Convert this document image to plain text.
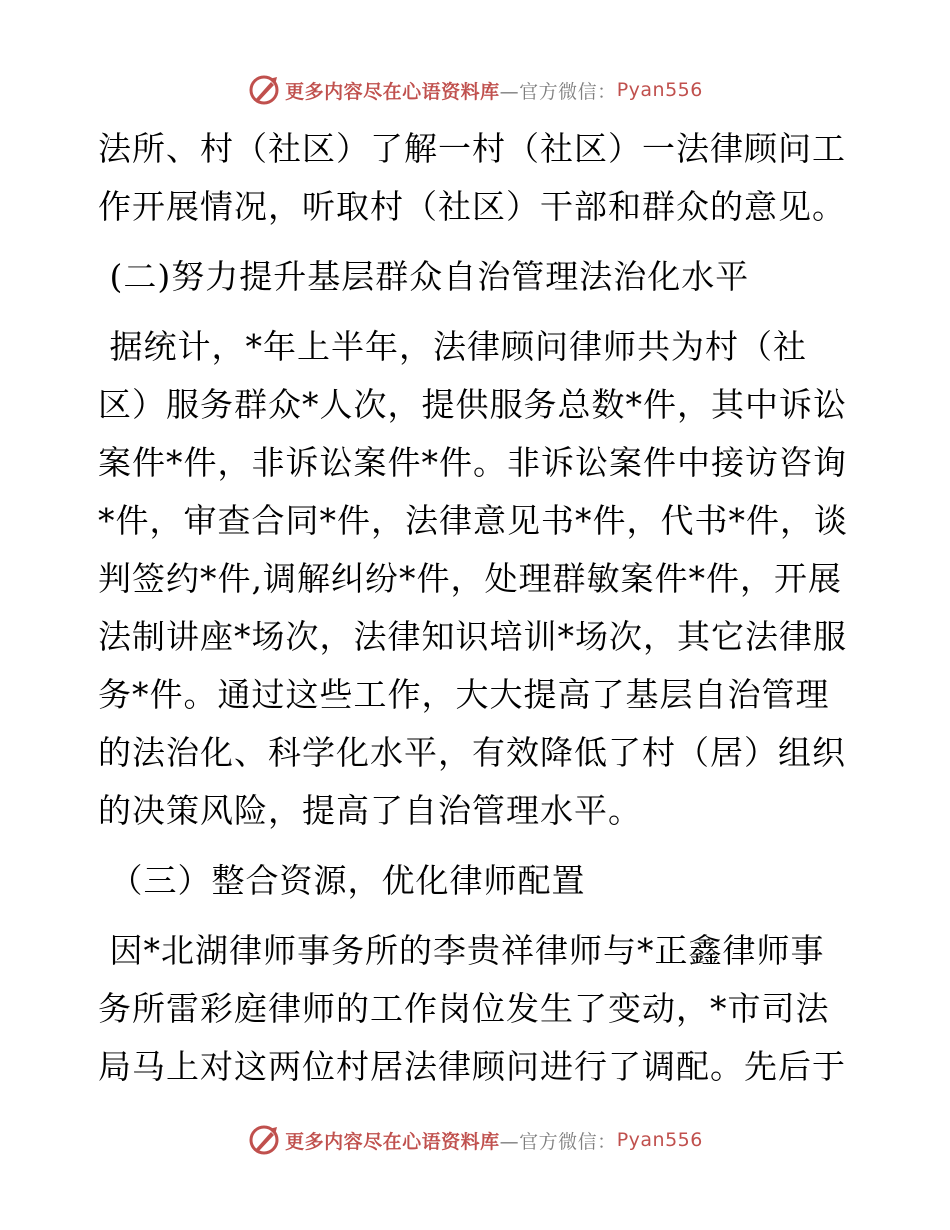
更多内容尽在心语资料库 —官方微信： Pyan556

法所、村（社区）了解一村（社区）一法律顾问工作开展情况，听取村（社区）干部和群众的意见。

(二)努力提升基层群众自治管理法治化水平

据统计，*年上半年，法律顾问律师共为村（社区）服务群众*人次，提供服务总数*件，其中诉讼案件*件，非诉讼案件*件。非诉讼案件中接访咨询*件，审查合同*件，法律意见书*件，代书*件，谈判签约*件,调解纠纷*件，处理群敏案件*件，开展法制讲座*场次，法律知识培训*场次，其它法律服务*件。通过这些工作，大大提高了基层自治管理的法治化、科学化水平，有效降低了村（居）组织的决策风险，提高了自治管理水平。

（三）整合资源，优化律师配置

因*北湖律师事务所的李贵祥律师与*正鑫律师事务所雷彩庭律师的工作岗位发生了变动，*市司法局马上对这两位村居法律顾问进行了调配。先后于

更多内容尽在心语资料库 —官方微信： Pyan556
